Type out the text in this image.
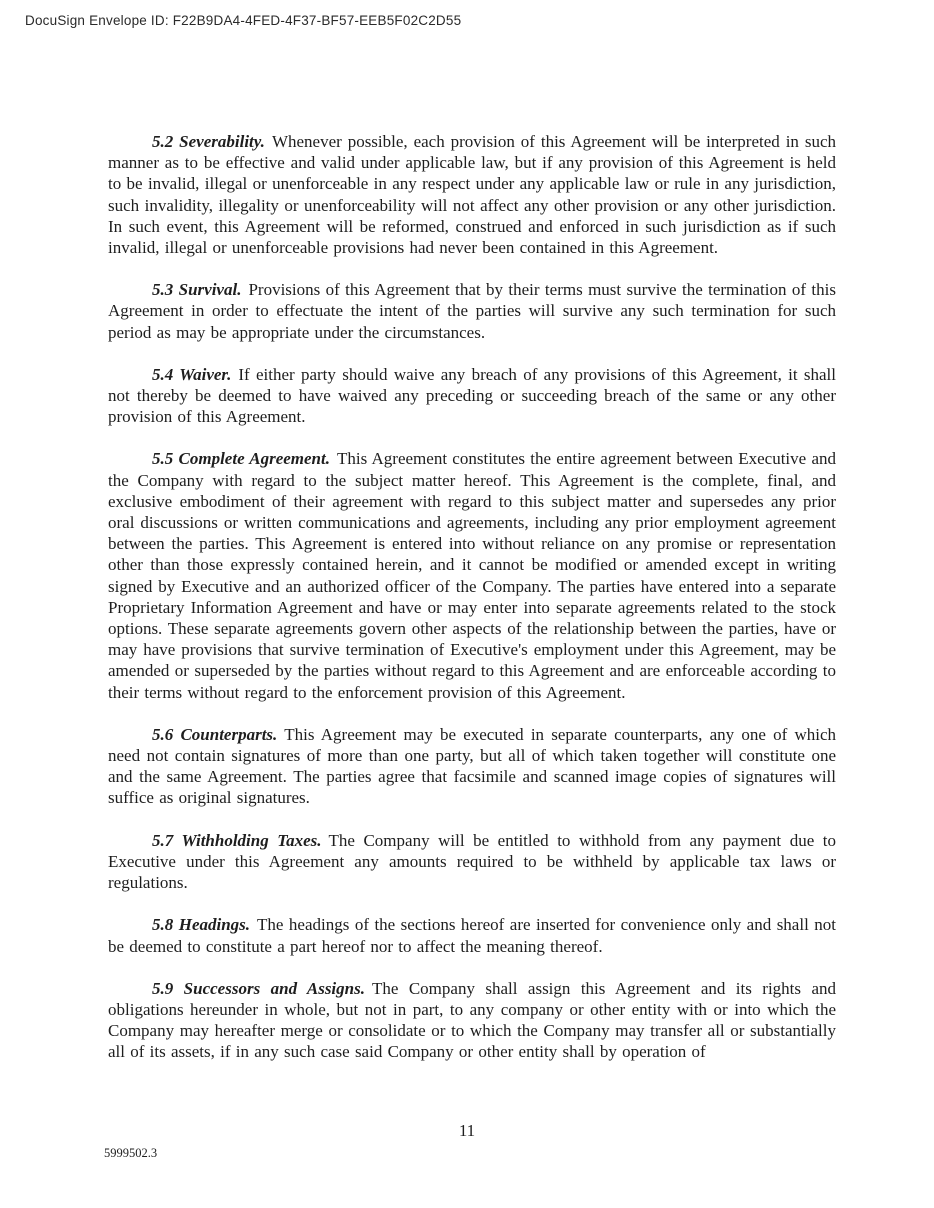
DocuSign Envelope ID: F22B9DA4-4FED-4F37-BF57-EEB5F02C2D55

5.2 Severability. Whenever possible, each provision of this Agreement will be interpreted in such manner as to be effective and valid under applicable law, but if any provision of this Agreement is held to be invalid, illegal or unenforceable in any respect under any applicable law or rule in any jurisdiction, such invalidity, illegality or unenforceability will not affect any other provision or any other jurisdiction. In such event, this Agreement will be reformed, construed and enforced in such jurisdiction as if such invalid, illegal or unenforceable provisions had never been contained in this Agreement.

5.3 Survival. Provisions of this Agreement that by their terms must survive the termination of this Agreement in order to effectuate the intent of the parties will survive any such termination for such period as may be appropriate under the circumstances.

5.4 Waiver. If either party should waive any breach of any provisions of this Agreement, it shall not thereby be deemed to have waived any preceding or succeeding breach of the same or any other provision of this Agreement.

5.5 Complete Agreement. This Agreement constitutes the entire agreement between Executive and the Company with regard to the subject matter hereof. This Agreement is the complete, final, and exclusive embodiment of their agreement with regard to this subject matter and supersedes any prior oral discussions or written communications and agreements, including any prior employment agreement between the parties. This Agreement is entered into without reliance on any promise or representation other than those expressly contained herein, and it cannot be modified or amended except in writing signed by Executive and an authorized officer of the Company. The parties have entered into a separate Proprietary Information Agreement and have or may enter into separate agreements related to the stock options. These separate agreements govern other aspects of the relationship between the parties, have or may have provisions that survive termination of Executive's employment under this Agreement, may be amended or superseded by the parties without regard to this Agreement and are enforceable according to their terms without regard to the enforcement provision of this Agreement.

5.6 Counterparts. This Agreement may be executed in separate counterparts, any one of which need not contain signatures of more than one party, but all of which taken together will constitute one and the same Agreement. The parties agree that facsimile and scanned image copies of signatures will suffice as original signatures.

5.7 Withholding Taxes. The Company will be entitled to withhold from any payment due to Executive under this Agreement any amounts required to be withheld by applicable tax laws or regulations.

5.8 Headings. The headings of the sections hereof are inserted for convenience only and shall not be deemed to constitute a part hereof nor to affect the meaning thereof.

5.9 Successors and Assigns. The Company shall assign this Agreement and its rights and obligations hereunder in whole, but not in part, to any company or other entity with or into which the Company may hereafter merge or consolidate or to which the Company may transfer all or substantially all of its assets, if in any such case said Company or other entity shall by operation of

11
5999502.3
